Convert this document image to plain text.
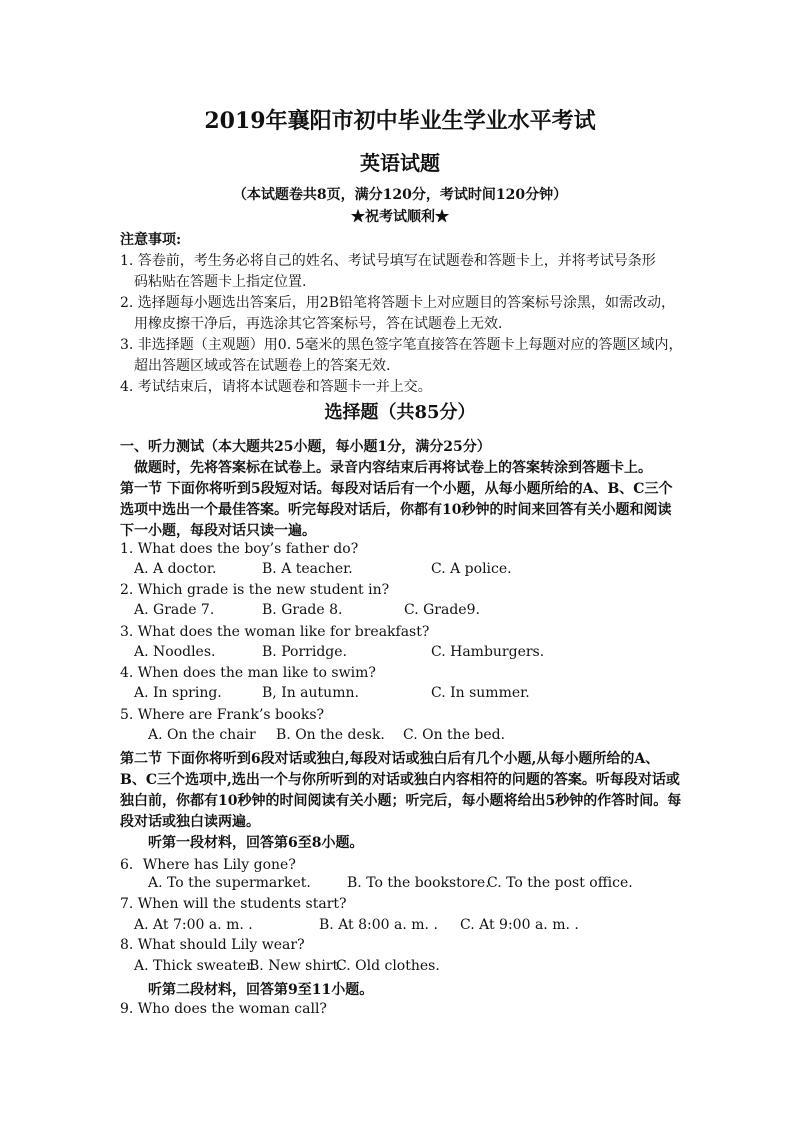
2019年襄阳市初中毕业生学业水平考试
英语试题
（本试题卷共8页，满分120分，考试时间120分钟）
★祝考试顺利★
注意事项:
1. 答卷前，考生务必将自己的姓名、考试号填写在试题卷和答题卡上，并将考试号条形
码粘贴在答题卡上指定位置.
2. 选择题每小题选出答案后，用2B铅笔将答题卡上对应题目的答案标号涂黑，如需改动，
用橡皮擦干净后，再选涂其它答案标号，答在试题卷上无效.
3. 非选择题（主观题）用0. 5毫米的黑色签字笔直接答在答题卡上每题对应的答题区域内，
超出答题区域或答在试题卷上的答案无效.
4. 考试结束后，请将本试题卷和答题卡一并上交。
选择题（共85分）
一、听力测试（本大题共25小题，每小题1分，满分25分）
做题时，先将答案标在试卷上。录音内容结束后再将试卷上的答案转涂到答题卡上。
第一节 下面你将听到5段短对话。每段对话后有一个小题，从每小题所给的A、B、C三个
选项中选出一个最佳答案。听完每段对话后，你都有10秒钟的时间来回答有关小题和阅读
下一小题，每段对话只读一遍。
1. What does the boy’s father do?
A. A doctor.	B. A teacher.	C. A police.
2. Which grade is the new student in?
A. Grade 7.	B. Grade 8.	C. Grade9.
3. What does the woman like for breakfast?
A. Noodles.	B. Porridge.	C. Hamburgers.
4. When does the man like to swim?
A. In spring.	B, In autumn.	C. In summer.
5. Where are Frank’s books?
A. On the chair B. On the desk. C. On the bed.
第二节 下面你将听到6段对话或独白,每段对话或独白后有几个小题,从每小题所给的A、
B、C三个选项中,选出一个与你所听到的对话或独白内容相符的问题的答案。听每段对话或
独白前，你都有10秒钟的时间阅读有关小题；听完后，每小题将给出5秒钟的作答时间。每
段对话或独白读两遍。
听第一段材料，回答第6至8小题。
6．Where has Lily gone?
A. To the supermarket.	B. To the bookstore.
C. To the post office.
7. When will the students start?
A. At 7:00 a. m. .	B. At 8:00 a. m. . C. At 9:00 a. m. .
8. What should Lily wear?
A. Thick sweater.
B. New shirt.
C. Old clothes.
听第二段材料，回答第9至11小题。
9. Who does the woman call?
